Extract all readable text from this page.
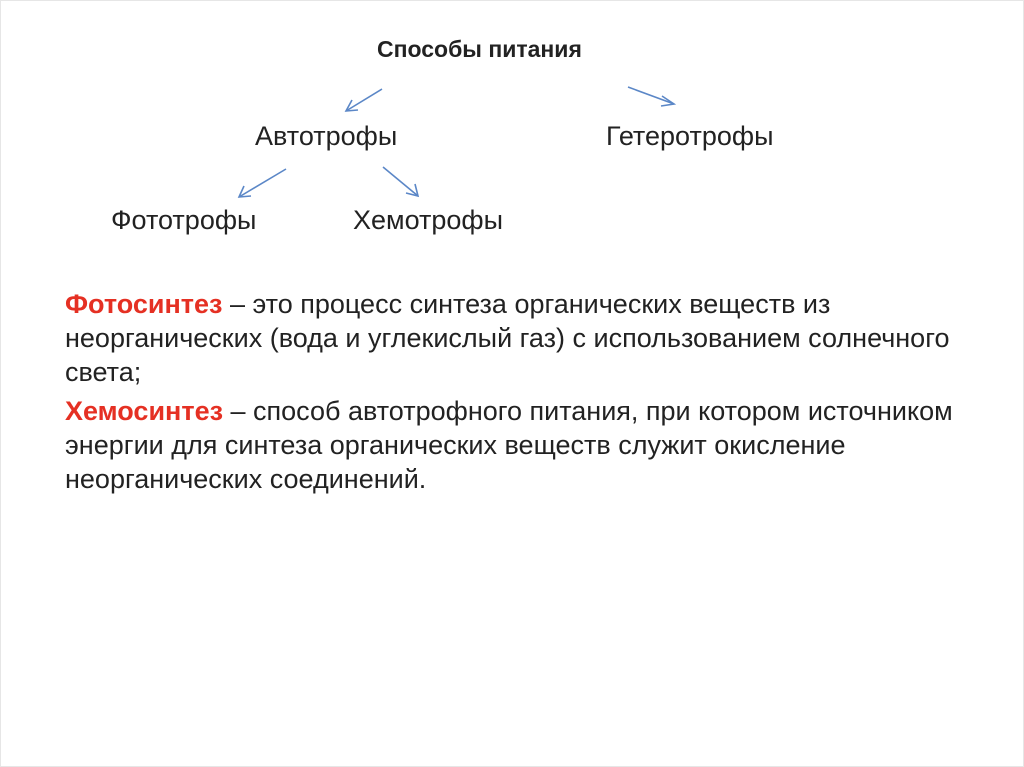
Способы питания
Автотрофы	Гетеротрофы
Фототрофы	Хемотрофы

Фотосинтез – это процесс синтеза органических веществ из неорганических (вода и углекислый газ) с использованием солнечного света;

Хемосинтез – способ автотрофного питания, при котором источником энергии для синтеза органических веществ служит окисление неорганических соединений.
